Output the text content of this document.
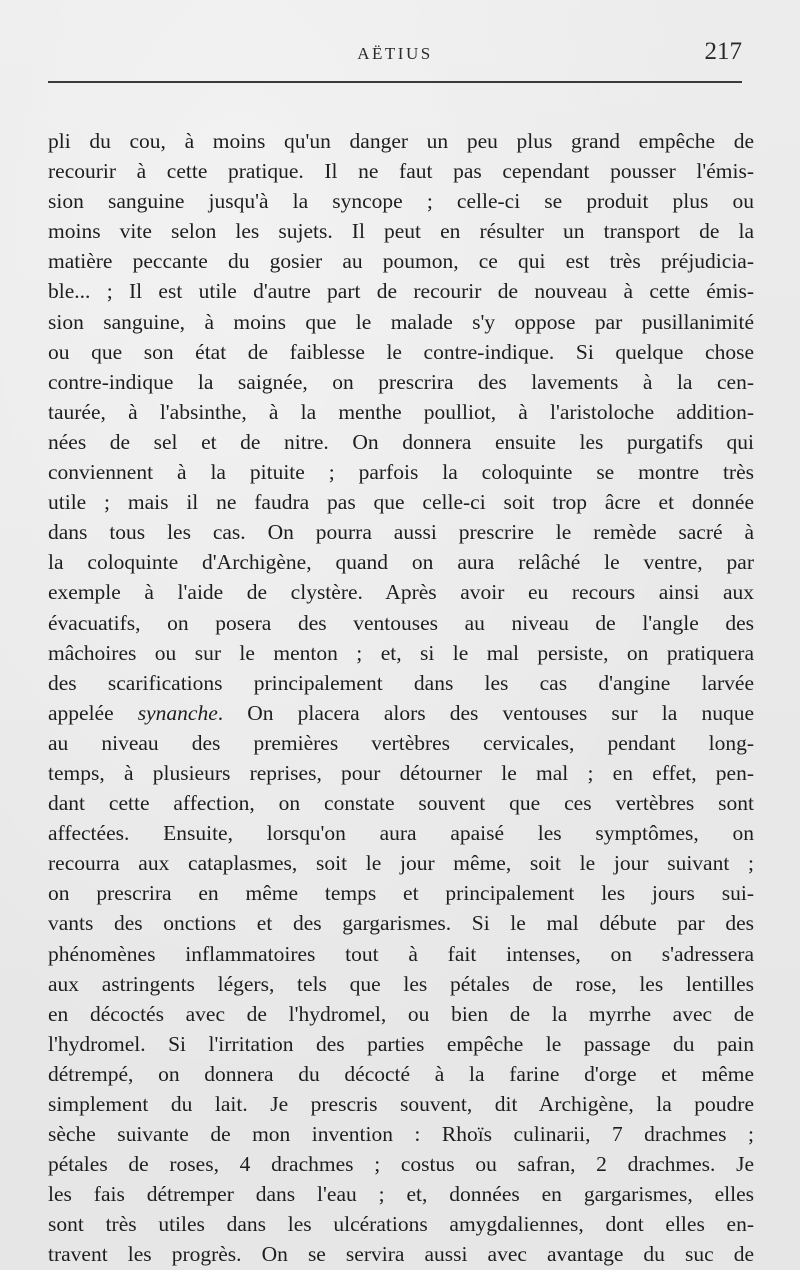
AËTIUS	217
pli du cou, à moins qu'un danger un peu plus grand empêche de
recourir à cette pratique. Il ne faut pas cependant pousser l'émis-
sion sanguine jusqu'à la syncope ; celle-ci se produit plus ou
moins vite selon les sujets. Il peut en résulter un transport de la
matière peccante du gosier au poumon, ce qui est très préjudicia-
ble... ; Il est utile d'autre part de recourir de nouveau à cette émis-
sion sanguine, à moins que le malade s'y oppose par pusillanimité
ou que son état de faiblesse le contre-indique. Si quelque chose
contre-indique la saignée, on prescrira des lavements à la cen-
taurée, à l'absinthe, à la menthe poulliot, à l'aristoloche addition-
nées de sel et de nitre. On donnera ensuite les purgatifs qui
conviennent à la pituite ; parfois la coloquinte se montre très
utile ; mais il ne faudra pas que celle-ci soit trop âcre et donnée
dans tous les cas. On pourra aussi prescrire le remède sacré à
la coloquinte d'Archigène, quand on aura relâché le ventre, par
exemple à l'aide de clystère. Après avoir eu recours ainsi aux
évacuatifs, on posera des ventouses au niveau de l'angle des
mâchoires ou sur le menton ; et, si le mal persiste, on pratiquera
des scarifications principalement dans les cas d'angine larvée
appelée synanche. On placera alors des ventouses sur la nuque
au niveau des premières vertèbres cervicales, pendant long-
temps, à plusieurs reprises, pour détourner le mal ; en effet, pen-
dant cette affection, on constate souvent que ces vertèbres sont
affectées. Ensuite, lorsqu'on aura apaisé les symptômes, on
recourra aux cataplasmes, soit le jour même, soit le jour suivant ;
on prescrira en même temps et principalement les jours sui-
vants des onctions et des gargarismes. Si le mal débute par des
phénomènes inflammatoires tout à fait intenses, on s'adressera
aux astringents légers, tels que les pétales de rose, les lentilles
en décoctés avec de l'hydromel, ou bien de la myrrhe avec de
l'hydromel. Si l'irritation des parties empêche le passage du pain
détrempé, on donnera du décocté à la farine d'orge et même
simplement du lait. Je prescris souvent, dit Archigène, la poudre
sèche suivante de mon invention : Rhoïs culinarii, 7 drachmes ;
pétales de roses, 4 drachmes ; costus ou safran, 2 drachmes. Je
les fais détremper dans l'eau ; et, données en gargarismes, elles
sont très utiles dans les ulcérations amygdaliennes, dont elles en-
travent les progrès. On se servira aussi avec avantage du suc de
